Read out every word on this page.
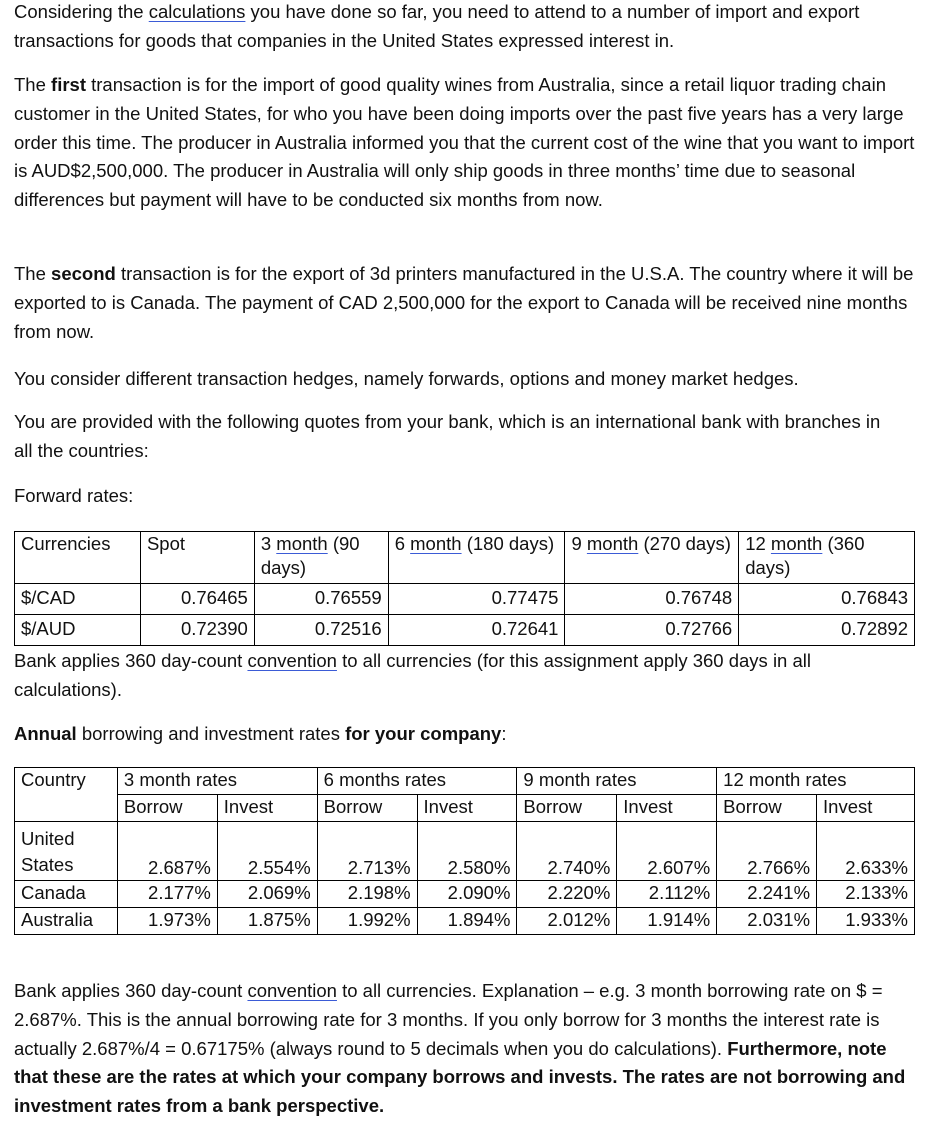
Considering the calculations you have done so far, you need to attend to a number of import and export transactions for goods that companies in the United States expressed interest in.

The first transaction is for the import of good quality wines from Australia, since a retail liquor trading chain customer in the United States, for who you have been doing imports over the past five years has a very large order this time. The producer in Australia informed you that the current cost of the wine that you want to import is AUD$2,500,000. The producer in Australia will only ship goods in three months’ time due to seasonal differences but payment will have to be conducted six months from now.

The second transaction is for the export of 3d printers manufactured in the U.S.A. The country where it will be exported to is Canada. The payment of CAD 2,500,000 for the export to Canada will be received nine months from now.

You consider different transaction hedges, namely forwards, options and money market hedges.

You are provided with the following quotes from your bank, which is an international bank with branches in all the countries:

Forward rates:

Bank applies 360 day-count convention to all currencies (for this assignment apply 360 days in all calculations).

Annual borrowing and investment rates for your company:

Bank applies 360 day-count convention to all currencies. Explanation – e.g. 3 month borrowing rate on $ = 2.687%. This is the annual borrowing rate for 3 months. If you only borrow for 3 months the interest rate is actually 2.687%/4 = 0.67175% (always round to 5 decimals when you do calculations). Furthermore, note that these are the rates at which your company borrows and invests. The rates are not borrowing and investment rates from a bank perspective.

Currencies	Spot	3 month (90 days)	6 month (180 days)	9 month (270 days)	12 month (360 days)
$/CAD	0.76465	0.76559	0.77475	0.76748	0.76843
$/AUD	0.72390	0.72516	0.72641	0.72766	0.72892
Country	3 month rates		6 months rates		9 month rates		12 month rates	
	Borrow	Invest	Borrow	Invest	Borrow	Invest	Borrow	Invest
United
States	2.687%	2.554%	2.713%	2.580%	2.740%	2.607%	2.766%	2.633%
Canada	2.177%	2.069%	2.198%	2.090%	2.220%	2.112%	2.241%	2.133%
Australia	1.973%	1.875%	1.992%	1.894%	2.012%	1.914%	2.031%	1.933%
